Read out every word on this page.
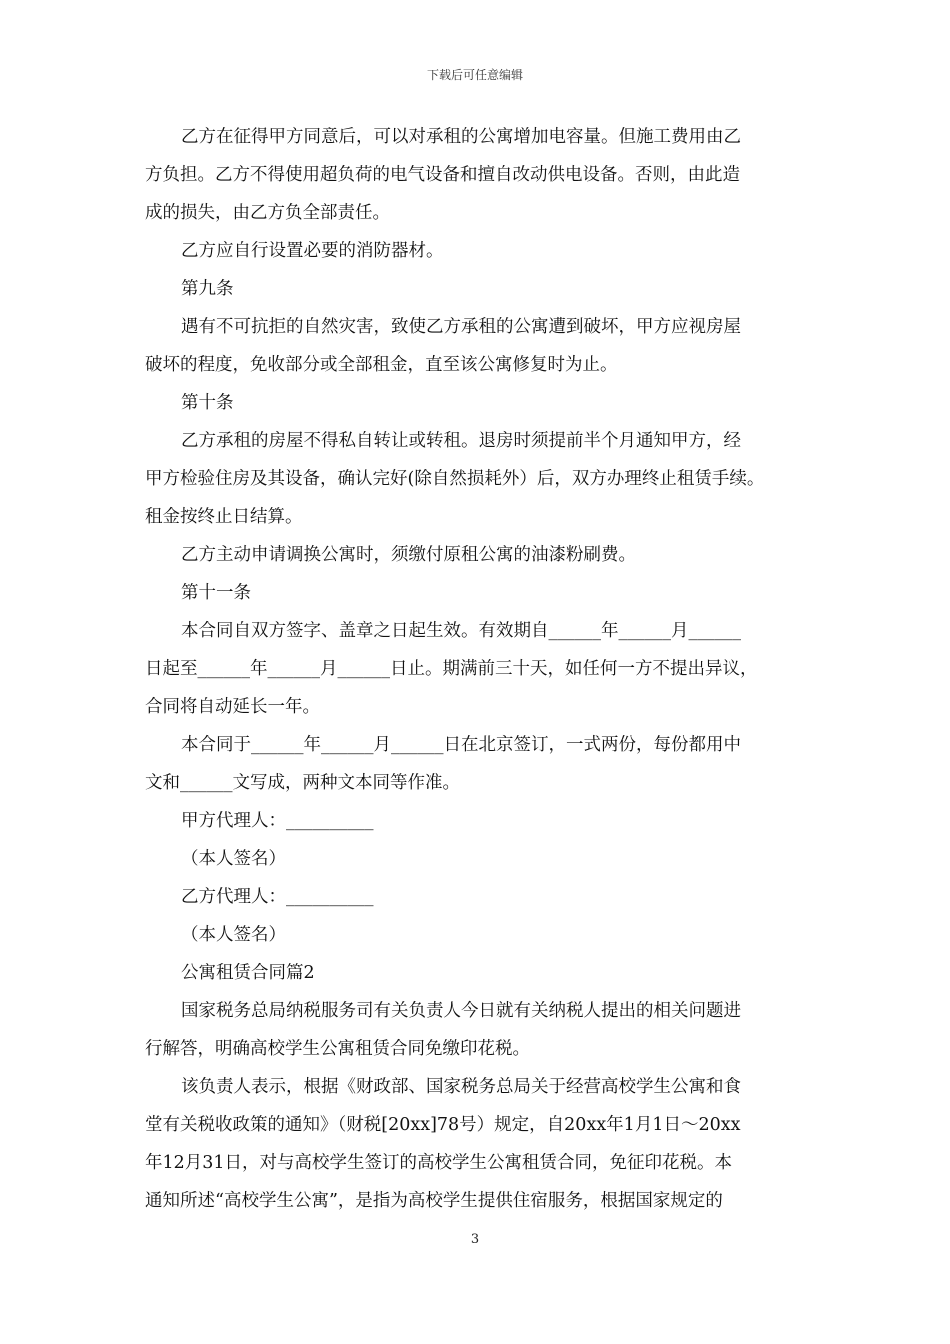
下载后可任意编辑
乙方在征得甲方同意后，可以对承租的公寓增加电容量。但施工费用由乙
方负担。乙方不得使用超负荷的电气设备和擅自改动供电设备。否则，由此造
成的损失，由乙方负全部责任。
乙方应自行设置必要的消防器材。
第九条
遇有不可抗拒的自然灾害，致使乙方承租的公寓遭到破坏，甲方应视房屋
破坏的程度，免收部分或全部租金，直至该公寓修复时为止。
第十条
乙方承租的房屋不得私自转让或转租。退房时须提前半个月通知甲方，经
甲方检验住房及其设备，确认完好(除自然损耗外）后，双方办理终止租赁手续。
租金按终止日结算。
乙方主动申请调换公寓时，须缴付原租公寓的油漆粉刷费。
第十一条
本合同自双方签字、盖章之日起生效。有效期自______年______月______
日起至______年______月______日止。期满前三十天，如任何一方不提出异议，
合同将自动延长一年。
本合同于______年______月______日在北京签订，一式两份，每份都用中
文和______文写成，两种文本同等作准。
甲方代理人：__________
（本人签名）
乙方代理人：__________
（本人签名）
公寓租赁合同篇2
国家税务总局纳税服务司有关负责人今日就有关纳税人提出的相关问题进
行解答，明确高校学生公寓租赁合同免缴印花税。
该负责人表示，根据《财政部、国家税务总局关于经营高校学生公寓和食
堂有关税收政策的通知》（财税[20xx]78号）规定，自20xx年1月1日～20xx
年12月31日，对与高校学生签订的高校学生公寓租赁合同，免征印花税。本
通知所述“高校学生公寓”，是指为高校学生提供住宿服务，根据国家规定的
3
